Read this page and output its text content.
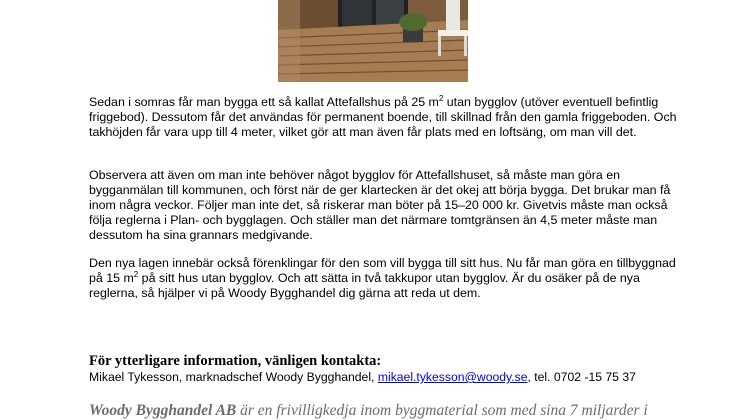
Sedan i somras får man bygga ett så kallat Attefallshus på 25 $m^2$ utan bygglov (utöver eventuell befintlig friggebod). Dessutom får det användas för permanent boende, till skillnad från den gamla friggeboden. Och takhöjden får vara upp till 4 meter, vilket gör att man även får plats med en loftsäng, om man vill det.

Observera att även om man inte behöver något bygglov för Attefallshuset, så måste man göra en bygganmälan till kommunen, och först när de ger klartecken är det okej att börja bygga. Det brukar man få inom några veckor. Följer man inte det, så riskerar man böter på 15–20 000 kr. Givetvis måste man också följa reglerna i Plan- och bygglagen. Och ställer man det närmare tomtgränsen än 4,5 meter måste man dessutom ha sina grannars medgivande.

Den nya lagen innebär också förenklingar för den som vill bygga till sitt hus. Nu får man göra en tillbyggnad på 15 $m^2$ på sitt hus utan bygglov. Och att sätta in två takkupor utan bygglov. Är du osäker på de nya reglerna, så hjälper vi på Woody Bygghandel dig gärna att reda ut dem.

För ytterligare information, vänligen kontakta:

Mikael Tykesson, marknadschef Woody Bygghandel, mikael.tykesson@woody.se, tel. 0702 -15 75 37

Woody Bygghandel AB är en frivilligkedja inom byggmaterial som med sina 7 miljarder i
